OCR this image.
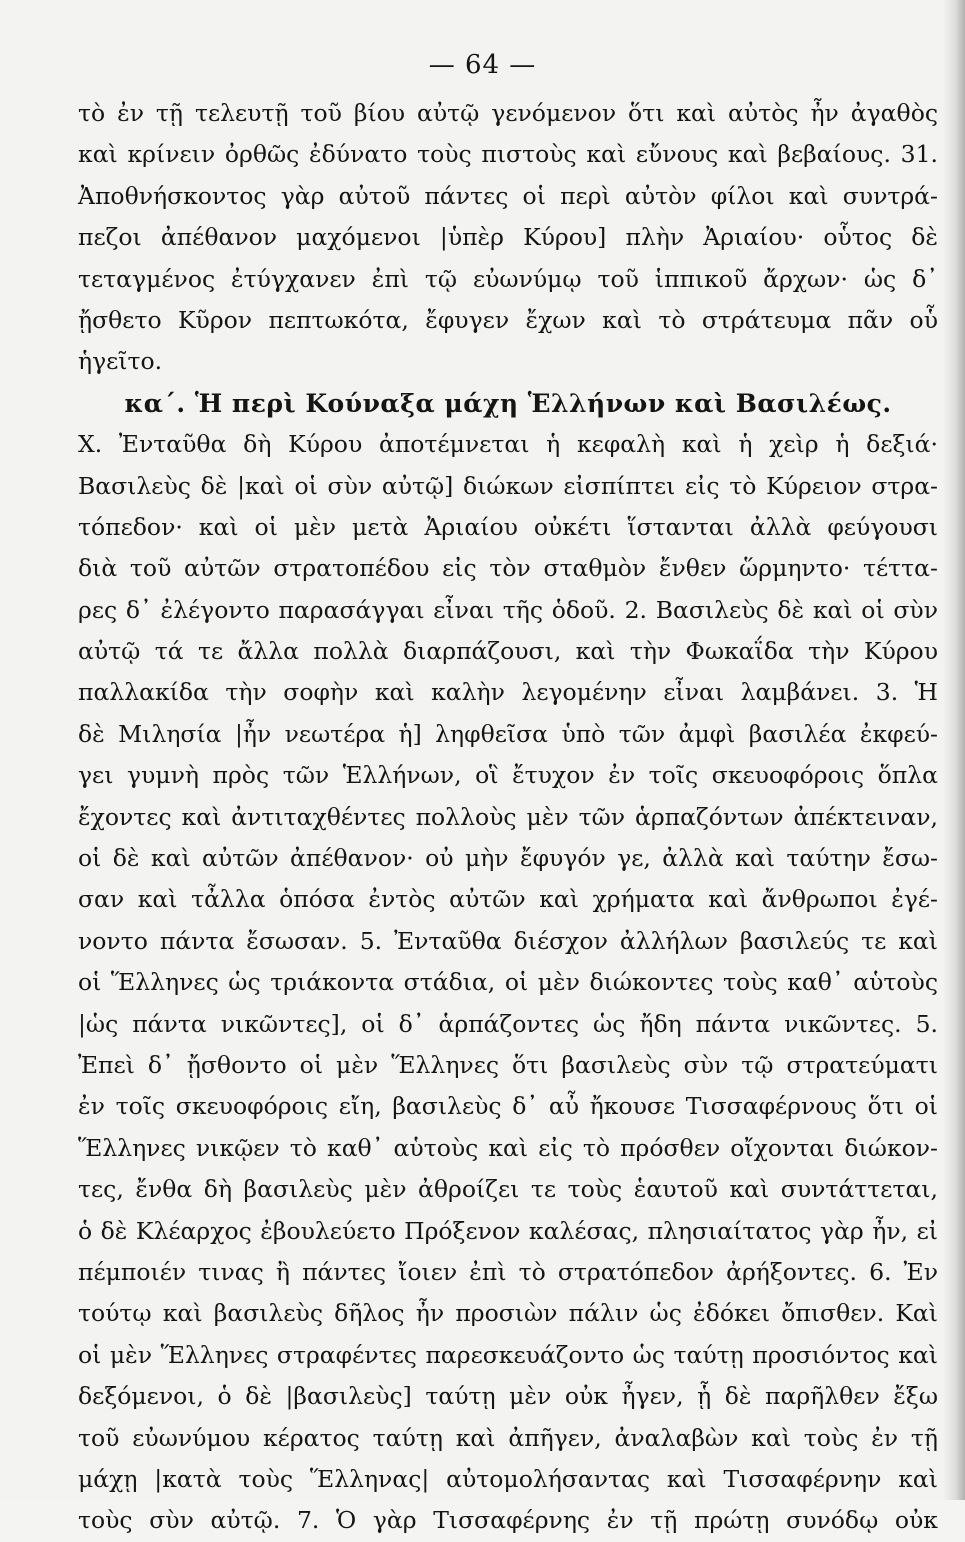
— 64 —
τὸ ἐν τῇ τελευτῇ τοῦ βίου αὐτῷ γενόμενον ὅτι καὶ αὐτὸς ἦν ἀγαθὸς
καὶ κρίνειν ὀρθῶς ἐδύνατο τοὺς πιστοὺς καὶ εὔνους καὶ βεβαίους. 31.
Ἀποθνήσκοντος γὰρ αὐτοῦ πάντες οἱ περὶ αὐτὸν φίλοι καὶ συντρά-
πεζοι ἀπέθανον μαχόμενοι |ὑπὲρ Κύρου] πλὴν Ἀριαίου· οὗτος δὲ
τεταγμένος ἐτύγχανεν ἐπὶ τῷ εὐωνύμῳ τοῦ ἱππικοῦ ἄρχων· ὡς δ᾽
ᾔσθετο Κῦρον πεπτωκότα, ἔφυγεν ἔχων καὶ τὸ στράτευμα πᾶν οὗ
ἡγεῖτο.
κα΄. Ἡ περὶ Κούναξα μάχη Ἑλλήνων καὶ Βασιλέως.
X. Ἐνταῦθα δὴ Κύρου ἀποτέμνεται ἡ κεφαλὴ καὶ ἡ χεὶρ ἡ δεξιά·
Βασιλεὺς δὲ |καὶ οἱ σὺν αὐτῷ] διώκων εἰσπίπτει εἰς τὸ Κύρειον στρα-
τόπεδον· καὶ οἱ μὲν μετὰ Ἀριαίου οὐκέτι ἵστανται ἀλλὰ φεύγουσι
διὰ τοῦ αὐτῶν στρατοπέδου εἰς τὸν σταθμὸν ἔνθεν ὥρμηντο· τέττα-
ρες δ᾽ ἐλέγοντο παρασάγγαι εἶναι τῆς ὁδοῦ. 2. Βασιλεὺς δὲ καὶ οἱ σὺν
αὐτῷ τά τε ἄλλα πολλὰ διαρπάζουσι, καὶ τὴν Φωκαΐδα τὴν Κύρου
παλλακίδα τὴν σοφὴν καὶ καλὴν λεγομένην εἶναι λαμβάνει. 3. Ἡ
δὲ Μιλησία |ἦν νεωτέρα ἡ] ληφθεῖσα ὑπὸ τῶν ἀμφὶ βασιλέα ἐκφεύ-
γει γυμνὴ πρὸς τῶν Ἑλλήνων, οἳ ἔτυχον ἐν τοῖς σκευοφόροις ὅπλα
ἔχοντες καὶ ἀντιταχθέντες πολλοὺς μὲν τῶν ἁρπαζόντων ἀπέκτειναν,
οἱ δὲ καὶ αὐτῶν ἀπέθανον· οὐ μὴν ἔφυγόν γε, ἀλλὰ καὶ ταύτην ἔσω-
σαν καὶ τἆλλα ὁπόσα ἐντὸς αὐτῶν καὶ χρήματα καὶ ἄνθρωποι ἐγέ-
νοντο πάντα ἔσωσαν. 5. Ἐνταῦθα διέσχον ἀλλήλων βασιλεύς τε καὶ
οἱ Ἕλληνες ὡς τριάκοντα στάδια, οἱ μὲν διώκοντες τοὺς καθ᾽ αὑτοὺς
|ὡς πάντα νικῶντες], οἱ δ᾽ ἁρπάζοντες ὡς ἤδη πάντα νικῶντες. 5.
Ἐπεὶ δ᾽ ᾔσθοντο οἱ μὲν Ἕλληνες ὅτι βασιλεὺς σὺν τῷ στρατεύματι
ἐν τοῖς σκευοφόροις εἴη, βασιλεὺς δ᾽ αὖ ἤκουσε Τισσαφέρνους ὅτι οἱ
Ἕλληνες νικῷεν τὸ καθ᾽ αὑτοὺς καὶ εἰς τὸ πρόσθεν οἴχονται διώκον-
τες, ἔνθα δὴ βασιλεὺς μὲν ἀθροίζει τε τοὺς ἑαυτοῦ καὶ συντάττεται,
ὁ δὲ Κλέαρχος ἐβουλεύετο Πρόξενον καλέσας, πλησιαίτατος γὰρ ἦν, εἰ
πέμποιέν τινας ἢ πάντες ἴοιεν ἐπὶ τὸ στρατόπεδον ἀρήξοντες. 6. Ἐν
τούτῳ καὶ βασιλεὺς δῆλος ἦν προσιὼν πάλιν ὡς ἐδόκει ὄπισθεν. Καὶ
οἱ μὲν Ἕλληνες στραφέντες παρεσκευάζοντο ὡς ταύτῃ προσιόντος καὶ
δεξόμενοι, ὁ δὲ |βασιλεὺς] ταύτῃ μὲν οὐκ ἦγεν, ᾗ δὲ παρῆλθεν ἔξω
τοῦ εὐωνύμου κέρατος ταύτῃ καὶ ἀπῆγεν, ἀναλαβὼν καὶ τοὺς ἐν τῇ
μάχῃ |κατὰ τοὺς Ἕλληνας| αὐτομολήσαντας καὶ Τισσαφέρνην καὶ
τοὺς σὺν αὐτῷ. 7. Ὁ γὰρ Τισσαφέρνης ἐν τῇ πρώτῃ συνόδῳ οὐκ
